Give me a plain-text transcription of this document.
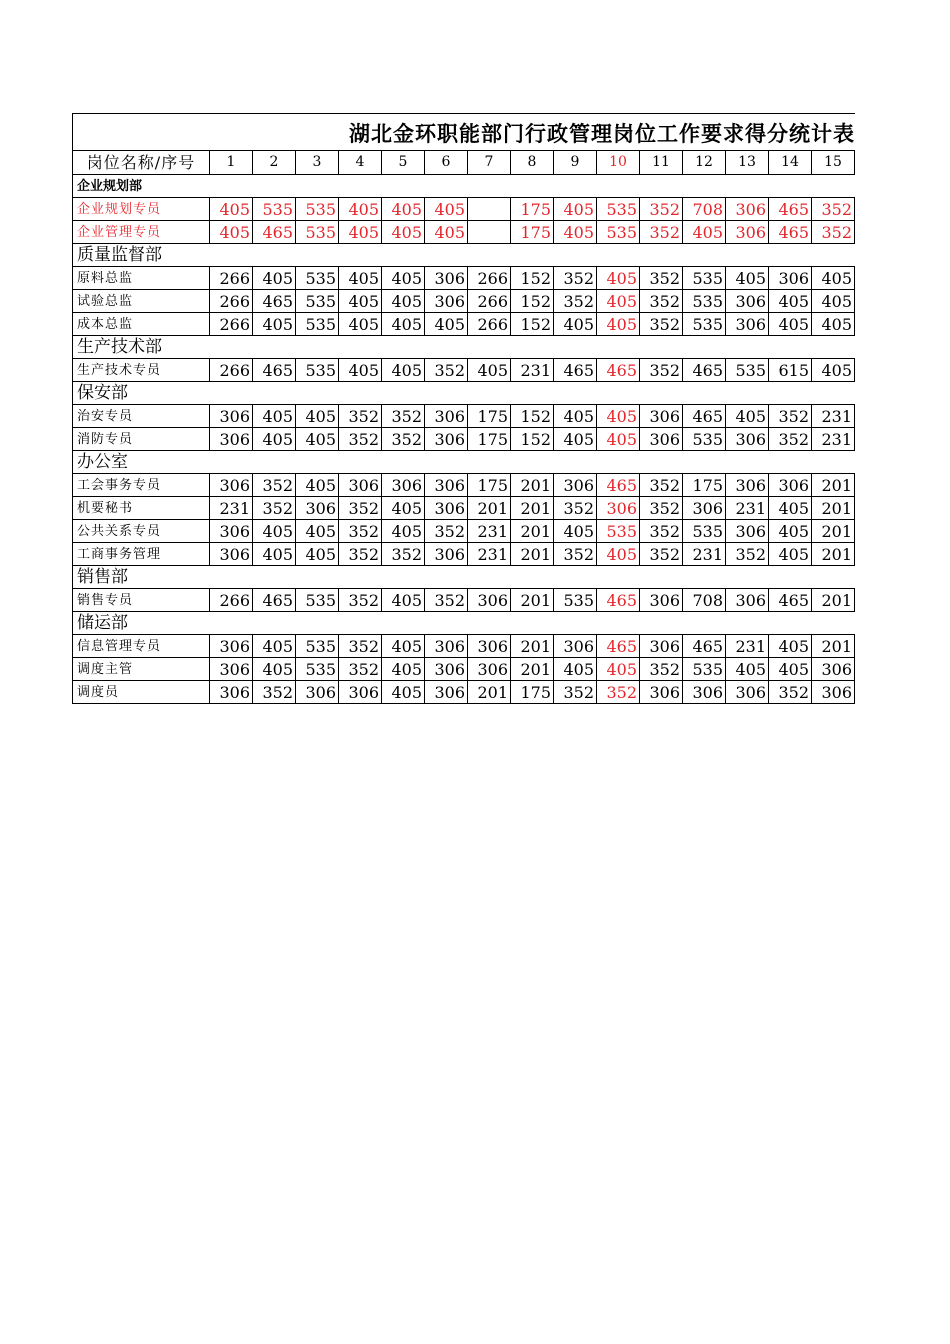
湖北金环职能部门行政管理岗位工作要求得分统计表
岗位名称/序号	1	2	3	4	5	6	7	8	9	10	11	12	13	14	15
企业规划部															
企业规划专员	405	535	535	405	405	405		175	405	535	352	708	306	465	352
企业管理专员	405	465	535	405	405	405		175	405	535	352	405	306	465	352
质量监督部															
原料总监	266	405	535	405	405	306	266	152	352	405	352	535	405	306	405
试验总监	266	465	535	405	405	306	266	152	352	405	352	535	306	405	405
成本总监	266	405	535	405	405	405	266	152	405	405	352	535	306	405	405
生产技术部															
生产技术专员	266	465	535	405	405	352	405	231	465	465	352	465	535	615	405
保安部															
治安专员	306	405	405	352	352	306	175	152	405	405	306	465	405	352	231
消防专员	306	405	405	352	352	306	175	152	405	405	306	535	306	352	231
办公室															
工会事务专员	306	352	405	306	306	306	175	201	306	465	352	175	306	306	201
机要秘书	231	352	306	352	405	306	201	201	352	306	352	306	231	405	201
公共关系专员	306	405	405	352	405	352	231	201	405	535	352	535	306	405	201
工商事务管理	306	405	405	352	352	306	231	201	352	405	352	231	352	405	201
销售部															
销售专员	266	465	535	352	405	352	306	201	535	465	306	708	306	465	201
储运部															
信息管理专员	306	405	535	352	405	306	306	201	306	465	306	465	231	405	201
调度主管	306	405	535	352	405	306	306	201	405	405	352	535	405	405	306
调度员	306	352	306	306	405	306	201	175	352	352	306	306	306	352	306
